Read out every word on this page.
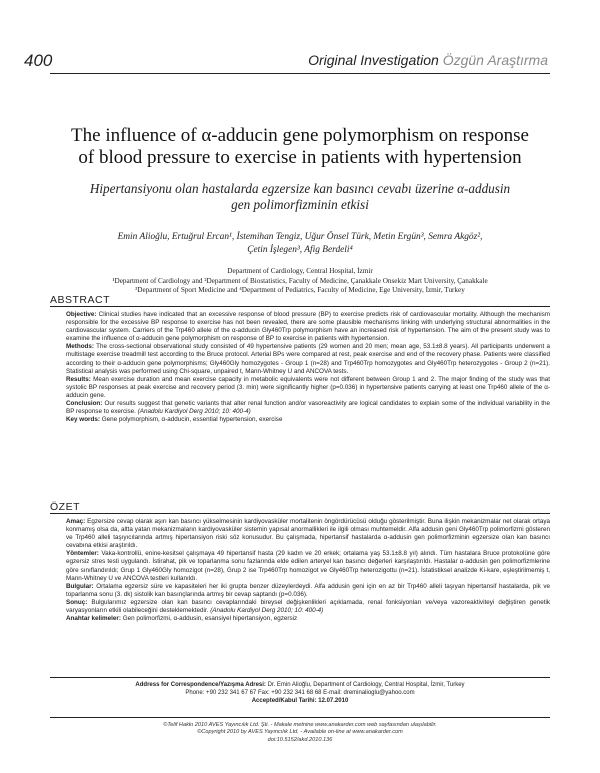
400	Original Investigation Özgün Araştırma
The influence of α-adducin gene polymorphism on response
of blood pressure to exercise in patients with hypertension
Hipertansiyonu olan hastalarda egzersize kan basıncı cevabı üzerine α-addusin
gen polimorfizminin etkisi
Emin Alioğlu, Ertuğrul Ercan¹, İstemihan Tengiz, Uğur Önsel Türk, Metin Ergün³, Semra Akgöz²,
Çetin İşlegen³, Afig Berdeli⁴
Department of Cardiology, Central Hospital, İzmir
¹Department of Cardiology and ²Department of Biostatistics, Faculty of Medicine, Çanakkale Onsekiz Mart University, Çanakkale
³Department of Sport Medicine and ⁴Department of Pediatrics, Faculty of Medicine, Ege University, İzmir, Turkey
ABSTRACT

Objective: Clinical studies have indicated that an excessive response of blood pressure (BP) to exercise predicts risk of cardiovascular mortality. Although the mechanism responsible for the excessive BP response to exercise has not been revealed, there are some plausible mechanisms linking with underlying structural abnormalities in the cardiovascular system. Carriers of the Trp460 allele of the α-adducin Gly460Trp polymorphism have an increased risk of hypertension. The aim of the present study was to examine the influence of α-adducin gene polymorphism on response of BP to exercise in patients with hypertension.

Methods: The cross-sectional observational study consisted of 49 hypertensive patients (29 women and 20 men; mean age, 53.1±8.8 years). All participants underwent a multistage exercise treadmill test according to the Bruce protocol. Arterial BPs were compared at rest, peak exercise and end of the recovery phase. Patients were classified according to their α-adducin gene polymorphisms; Gly460Gly homozygotes - Group 1 (n=28) and Trp460Trp homozygotes and Gly460Trp heterozygotes - Group 2 (n=21). Statistical analysis was performed using Chi-square, unpaired t, Mann-Whitney U and ANCOVA tests.

Results: Mean exercise duration and mean exercise capacity in metabolic equivalents were not different between Group 1 and 2. The major finding of the study was that systolic BP responses at peak exercise and recovery period (3. min) were significantly higher (p=0.036) in hypertensive patients carrying at least one Trp460 allele of the α-adducin gene.

Conclusion: Our results suggest that genetic variants that alter renal function and/or vasoreactivity are logical candidates to explain some of the individual variability in the BP response to exercise. (Anadolu Kardiyol Derg 2010; 10: 400-4)

Key words: Gene polymorphism, α-adducin, essential hypertension, exercise

ÖZET

Amaç: Egzersize cevap olarak aşırı kan basıncı yükselmesinin kardiyovasküler mortalitenin öngördürücüsü olduğu gösterilmiştir. Buna ilişkin mekanizmalar net olarak ortaya konmamış olsa da, altta yatan mekanizmaların kardiyovasküler sistemin yapısal anormallikleri ile ilgili olması muhtemeldir. Alfa addusin geni Gly460Trp polimorfizmi gösteren ve Trp460 alleli taşıyıcılarında artmış hipertansiyon riski söz konusudur. Bu çalışmada, hipertansif hastalarda α-addusin gen polimorfizminin egzersize olan kan basıncı cevabına etkisi araştırıldı.

Yöntemler: Vaka-kontrollü, enine-kesitsel çalışmaya 49 hipertansif hasta (29 kadın ve 20 erkek; ortalama yaş 53.1±8.8 yıl) alındı. Tüm hastalara Bruce protokolüne göre egzersiz stres testi uygulandı. İstirahat, pik ve toparlanma sonu fazlarında elde edilen arteryel kan basıncı değerleri karşılaştırıldı. Hastalar α-addusin gen polimorfizmlerine göre sınıflandırıldı; Grup 1 Gly460Gly homozigot (n=28), Grup 2 ise Trp460Trp homozigot ve Gly460Trp heterozigottu (n=21). İstatistiksel analizde Ki-kare, eşleştirilmemiş t, Mann-Whitney U ve ANCOVA testleri kullanıldı.

Bulgular: Ortalama egzersiz süre ve kapasiteleri her iki grupta benzer düzeylerdeydi. Alfa addusin geni için en az bir Trp460 alleli taşıyan hipertansif hastalarda, pik ve toparlanma sonu (3. dk) sistolik kan basınçlarında artmış bir cevap saptandı (p=0.036).

Sonuç: Bulgularımız egzersize olan kan basıncı cevaplarındaki bireysel değişkenlikleri açıklamada, renal fonksiyonları ve/veya vazoreaktiviteyi değiştiren genetik varyasyonların etkili olabileceğini desteklemektedir. (Anadolu Kardiyol Derg 2010; 10: 400-4)

Anahtar kelimeler: Gen polimorfizmi, α-addusin, esansiyel hipertansiyon, egzersiz

Address for Correspondence/Yazışma Adresi: Dr. Emin Alioğlu, Department of Cardiology, Central Hospital, İzmir, Turkey
Phone: +90 232 341 67 67 Fax: +90 232 341 68 68 E-mail: dreminalioglu@yahoo.com
Accepted/Kabul Tarihi: 12.07.2010
©Telif Hakkı 2010 AVES Yayıncılık Ltd. Şti. - Makale metnine www.anakarder.com web sayfasından ulaşılabilir.
©Copyright 2010 by AVES Yayıncılık Ltd. - Available on-line at www.anakarder.com
doi:10.5152/akd.2010.136
